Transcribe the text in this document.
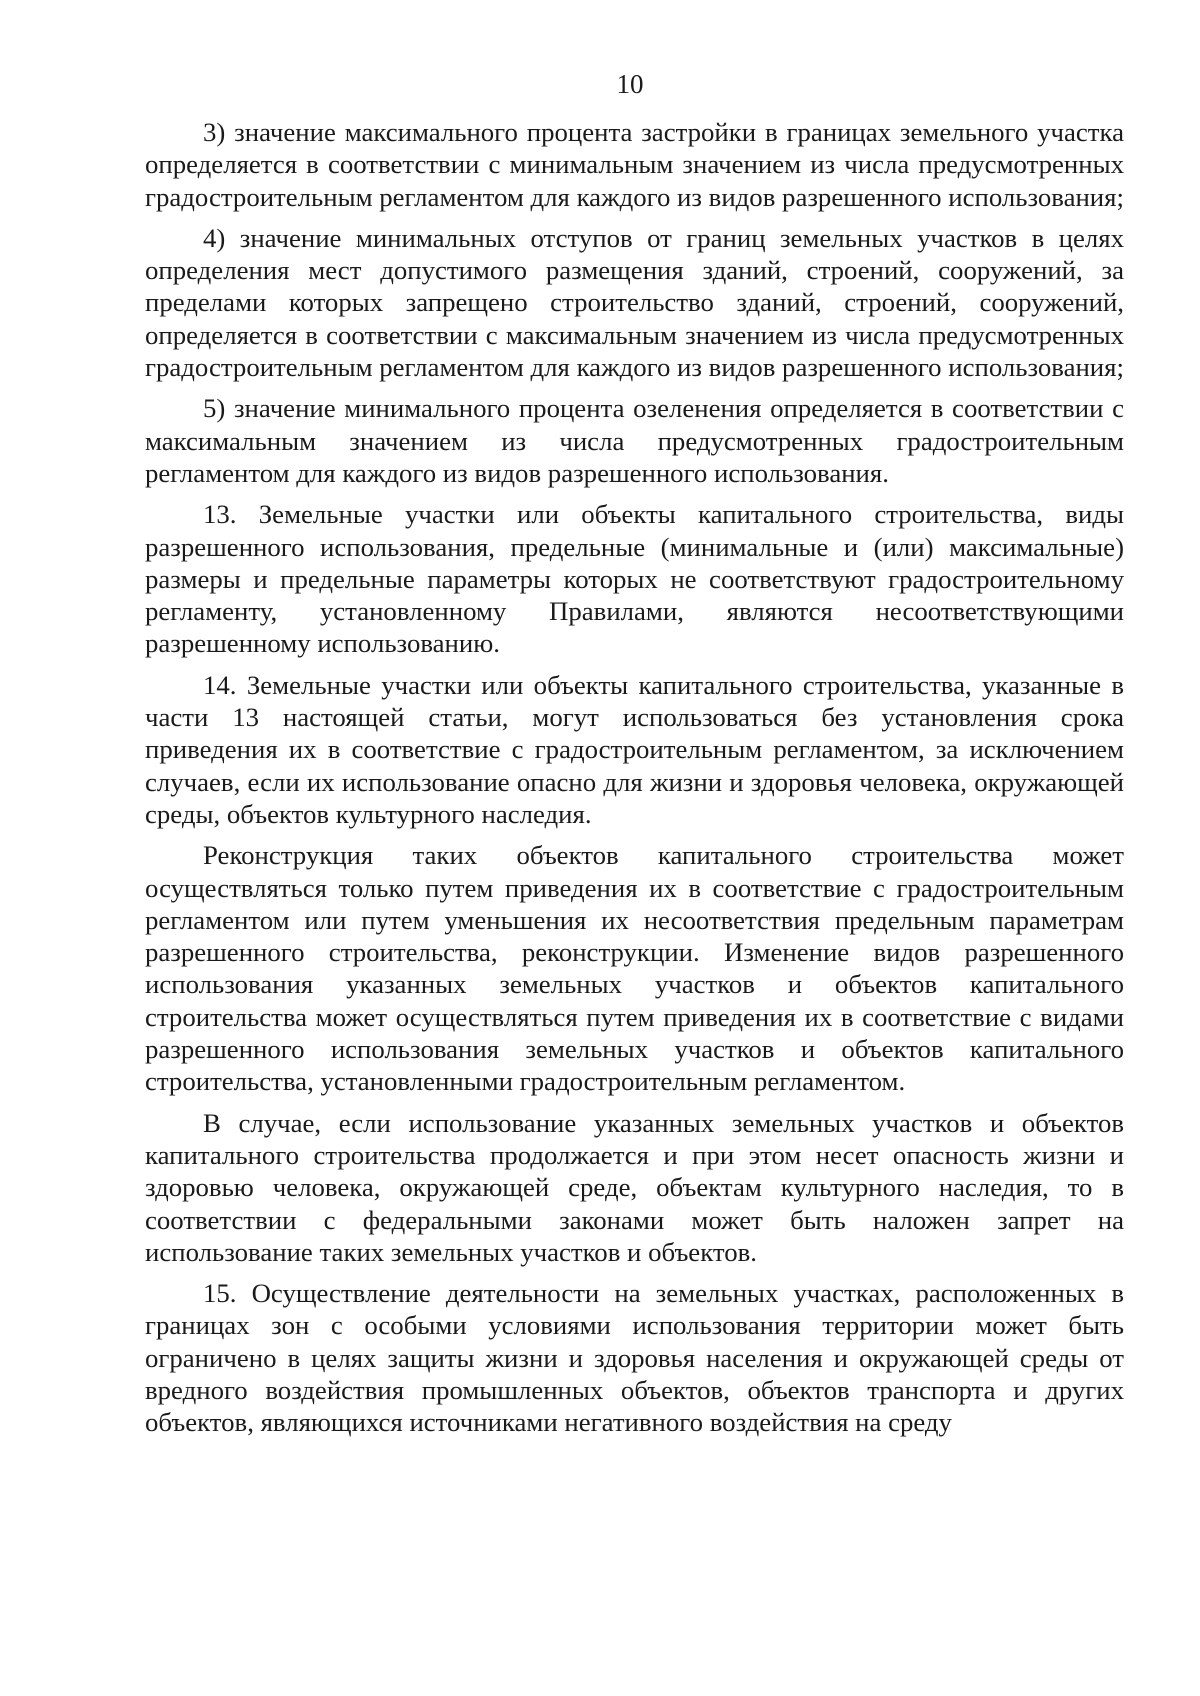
10

3) значение максимального процента застройки в границах земельного участка определяется в соответствии с минимальным значением из числа предусмотренных градостроительным регламентом для каждого из видов разрешенного использования;

4) значение минимальных отступов от границ земельных участков в целях определения мест допустимого размещения зданий, строений, сооружений, за пределами которых запрещено строительство зданий, строений, сооружений, определяется в соответствии с максимальным значением из числа предусмотренных градостроительным регламентом для каждого из видов разрешенного использования;

5) значение минимального процента озеленения определяется в соответствии с максимальным значением из числа предусмотренных градостроительным регламентом для каждого из видов разрешенного использования.

13. Земельные участки или объекты капитального строительства, виды разрешенного использования, предельные (минимальные и (или) максимальные) размеры и предельные параметры которых не соответствуют градостроительному регламенту, установленному Правилами, являются несоответствующими разрешенному использованию.

14. Земельные участки или объекты капитального строительства, указанные в части 13 настоящей статьи, могут использоваться без установления срока приведения их в соответствие с градостроительным регламентом, за исключением случаев, если их использование опасно для жизни и здоровья человека, окружающей среды, объектов культурного наследия.

Реконструкция таких объектов капитального строительства может осуществляться только путем приведения их в соответствие с градостроительным регламентом или путем уменьшения их несоответствия предельным параметрам разрешенного строительства, реконструкции. Изменение видов разрешенного использования указанных земельных участков и объектов капитального строительства может осуществляться путем приведения их в соответствие с видами разрешенного использования земельных участков и объектов капитального строительства, установленными градостроительным регламентом.

В случае, если использование указанных земельных участков и объектов капитального строительства продолжается и при этом несет опасность жизни и здоровью человека, окружающей среде, объектам культурного наследия, то в соответствии с федеральными законами может быть наложен запрет на использование таких земельных участков и объектов.

15. Осуществление деятельности на земельных участках, расположенных в границах зон с особыми условиями использования территории может быть ограничено в целях защиты жизни и здоровья населения и окружающей среды от вредного воздействия промышленных объектов, объектов транспорта и других объектов, являющихся источниками негативного воздействия на среду
